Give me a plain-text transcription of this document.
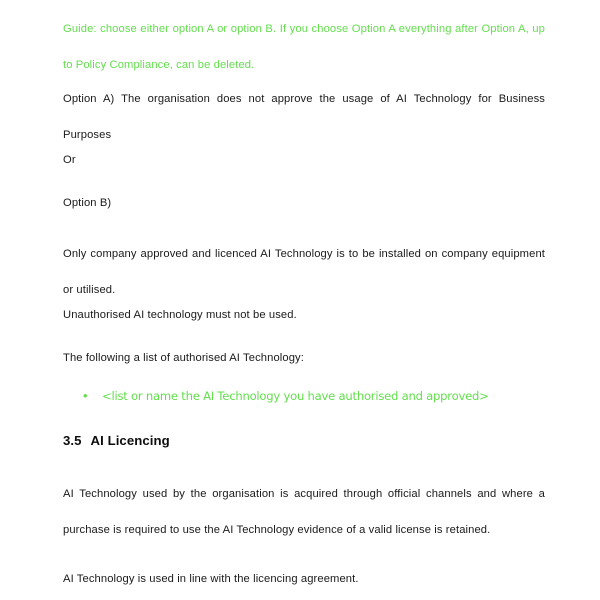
Guide: choose either option A or option B. If you choose Option A everything after Option A, up to Policy Compliance, can be deleted.

Option A) The organisation does not approve the usage of AI Technology for Business Purposes

Or

Option B)

Only company approved and licenced AI Technology is to be installed on company equipment or utilised.

Unauthorised AI technology must not be used.

The following a list of authorised AI Technology:

•	<list or name the AI Technology you have authorised and approved>
3.5 AI Licencing

AI Technology used by the organisation is acquired through official channels and where a purchase is required to use the AI Technology evidence of a valid license is retained.

AI Technology is used in line with the licencing agreement.
